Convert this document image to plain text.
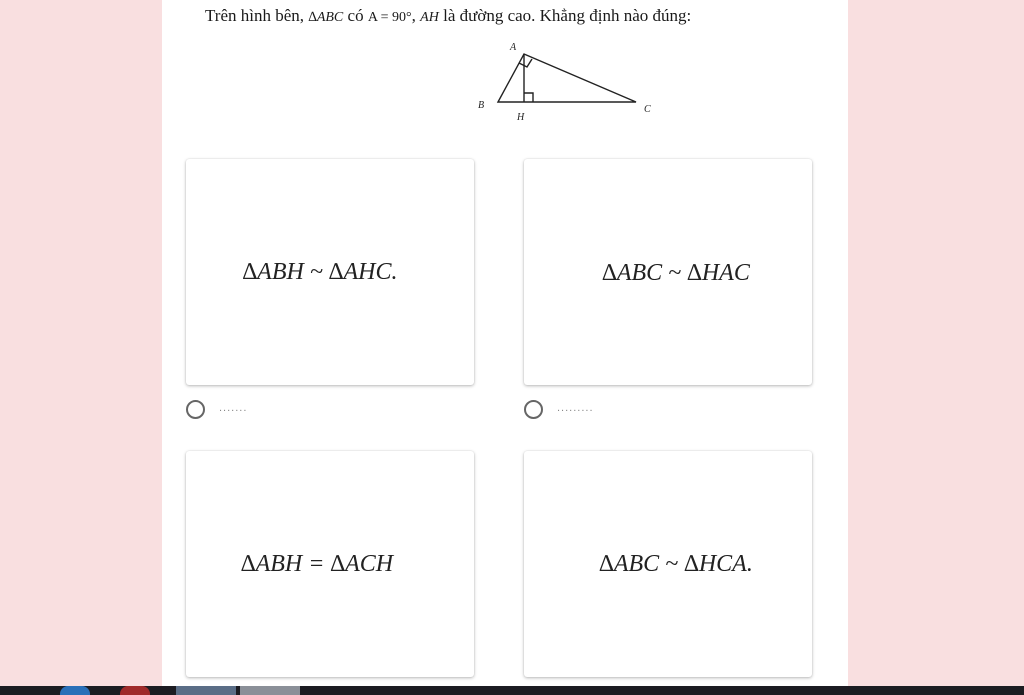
Trên hình bên, ∆ABC có A = 90°, AH là đường cao. Khẳng định nào đúng:
A
B
H
C
∆ABH ~ ∆AHC.	∆ABC ~ ∆HAC
∆ABH = ∆ACH	∆ABC ~ ∆HCA.
.......	.........
